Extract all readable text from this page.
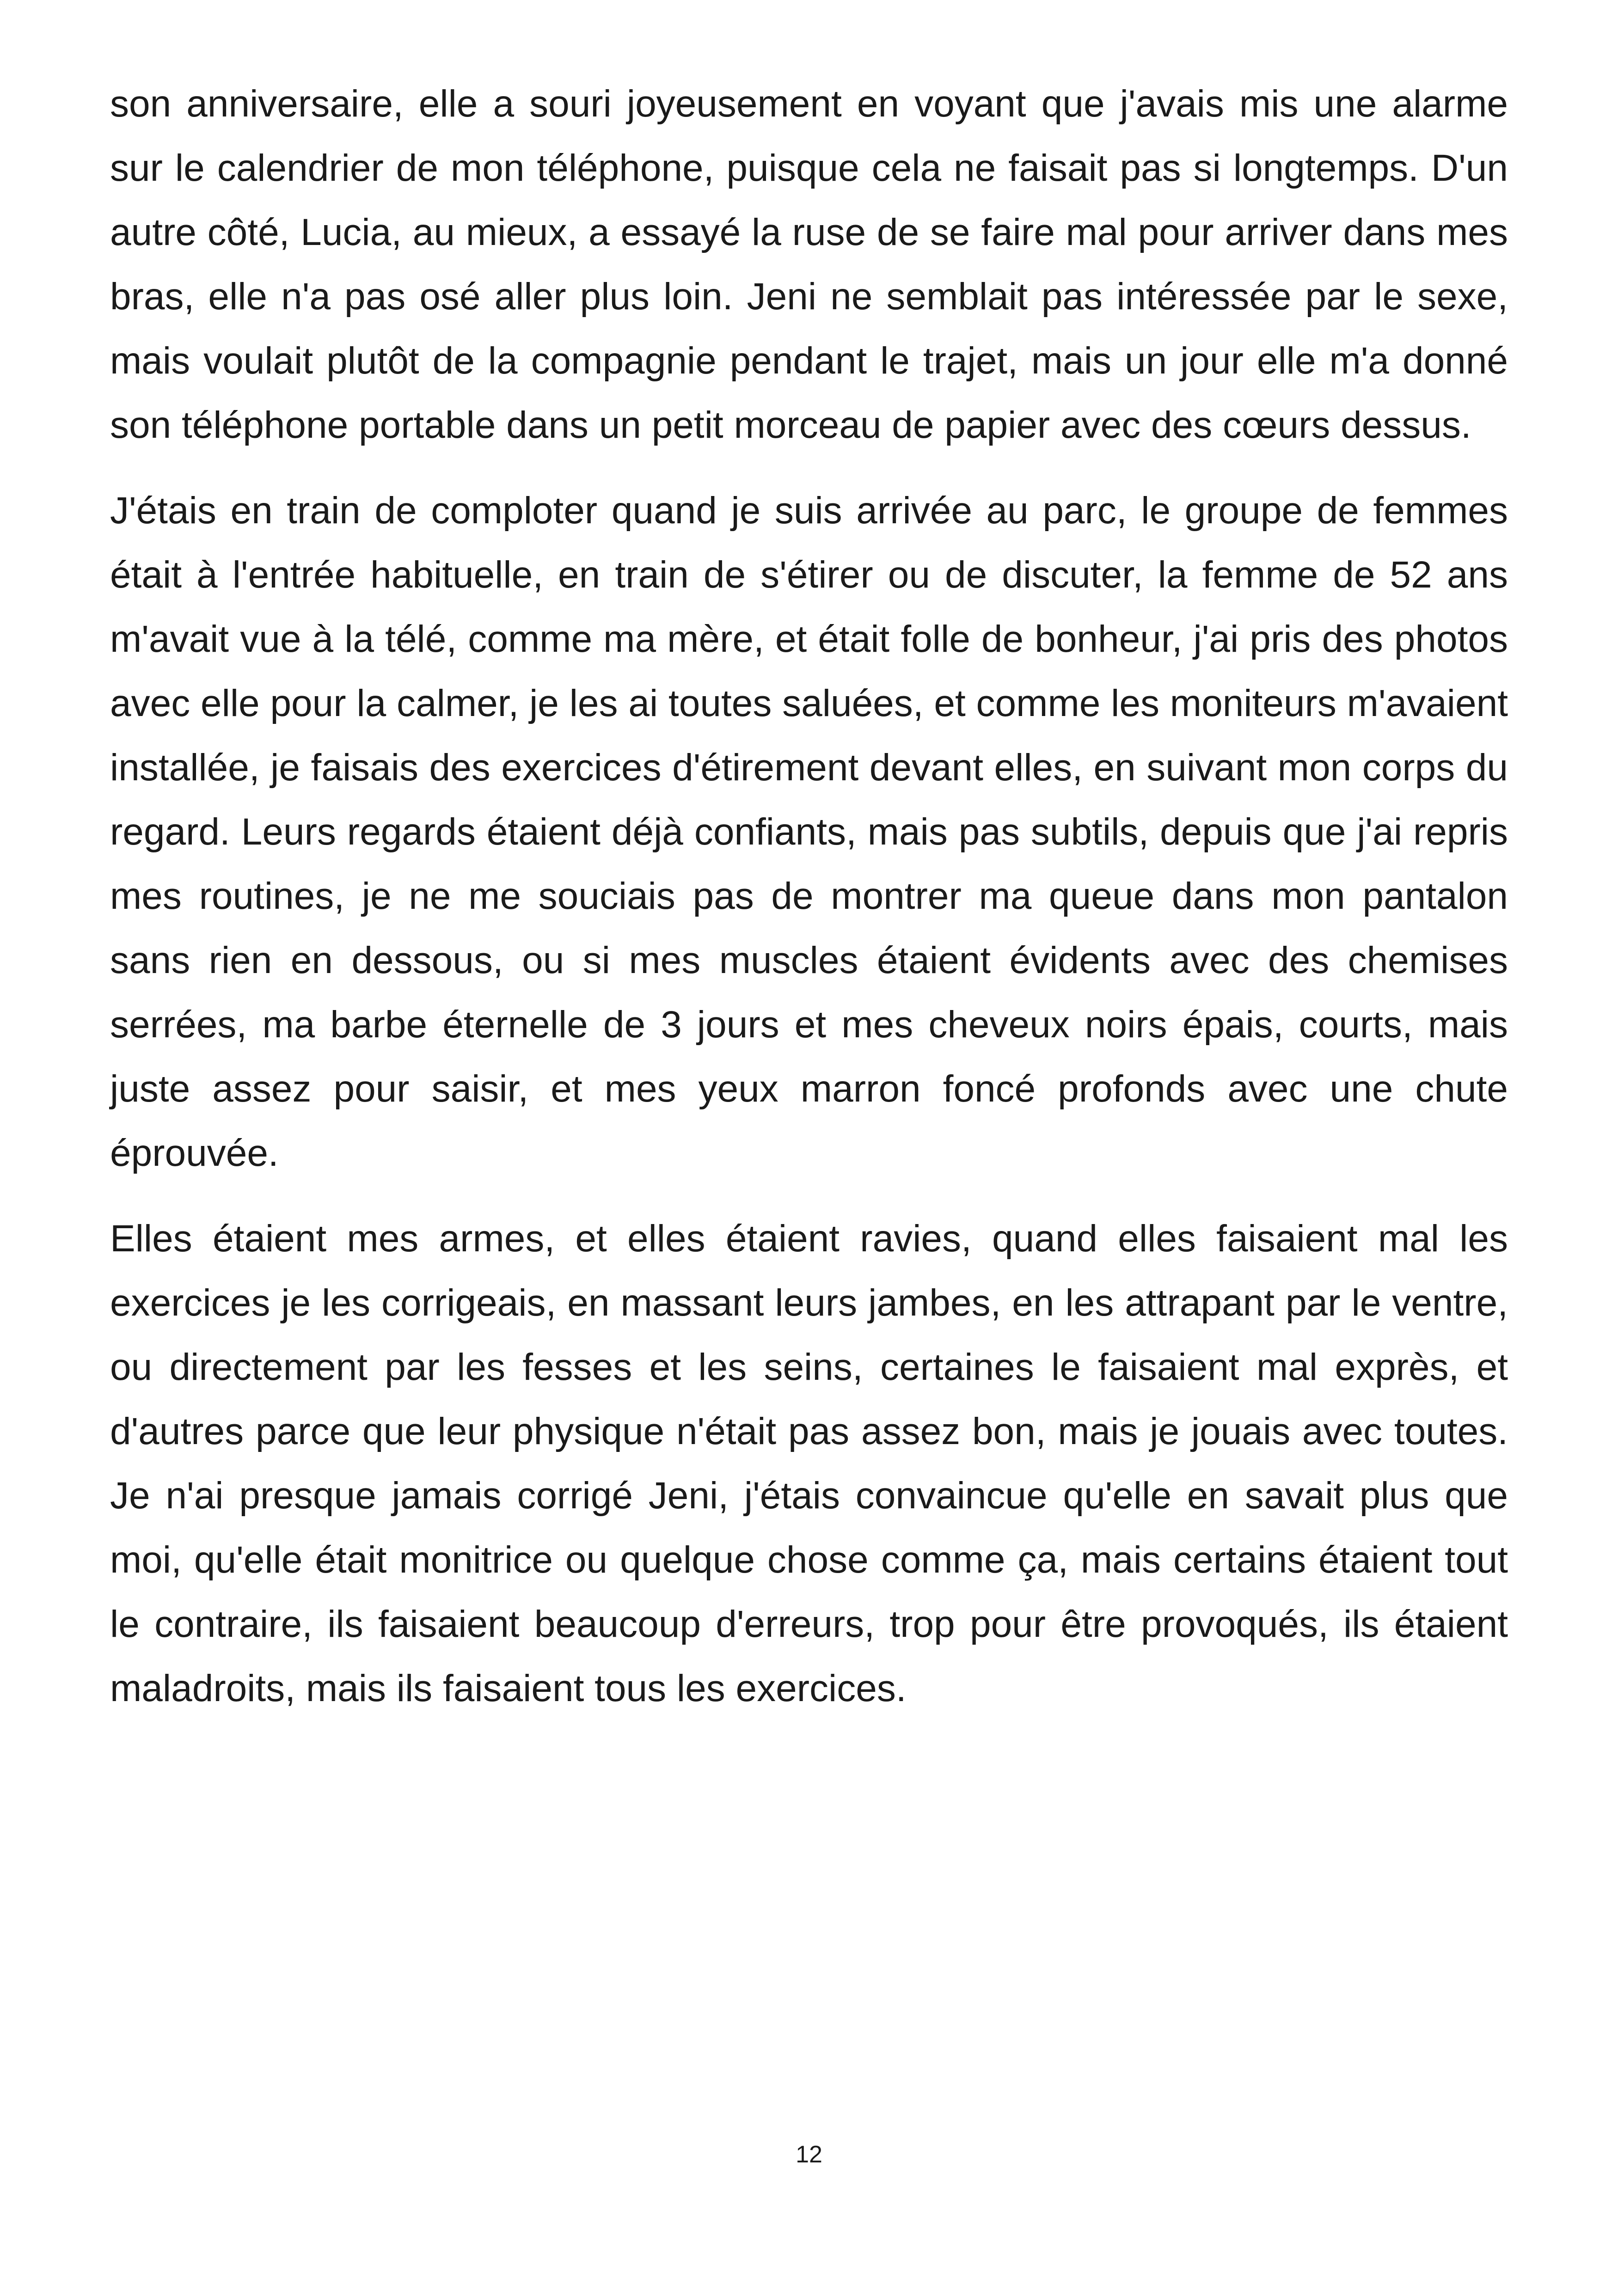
son anniversaire, elle a souri joyeusement en voyant que j'avais mis une alarme sur le calendrier de mon téléphone, puisque cela ne faisait pas si longtemps. D'un autre côté, Lucia, au mieux, a essayé la ruse de se faire mal pour arriver dans mes bras, elle n'a pas osé aller plus loin. Jeni ne semblait pas intéressée par le sexe, mais voulait plutôt de la compagnie pendant le trajet, mais un jour elle m'a donné son téléphone portable dans un petit morceau de papier avec des cœurs dessus.

J'étais en train de comploter quand je suis arrivée au parc, le groupe de femmes était à l'entrée habituelle, en train de s'étirer ou de discuter, la femme de 52 ans m'avait vue à la télé, comme ma mère, et était folle de bonheur, j'ai pris des photos avec elle pour la calmer, je les ai toutes saluées, et comme les moniteurs m'avaient installée, je faisais des exercices d'étirement devant elles, en suivant mon corps du regard. Leurs regards étaient déjà confiants, mais pas subtils, depuis que j'ai repris mes routines, je ne me souciais pas de montrer ma queue dans mon pantalon sans rien en dessous, ou si mes muscles étaient évidents avec des chemises serrées, ma barbe éternelle de 3 jours et mes cheveux noirs épais, courts, mais juste assez pour saisir, et mes yeux marron foncé profonds avec une chute éprouvée.

Elles étaient mes armes, et elles étaient ravies, quand elles faisaient mal les exercices je les corrigeais, en massant leurs jambes, en les attrapant par le ventre, ou directement par les fesses et les seins, certaines le faisaient mal exprès, et d'autres parce que leur physique n'était pas assez bon, mais je jouais avec toutes. Je n'ai presque jamais corrigé Jeni, j'étais convaincue qu'elle en savait plus que moi, qu'elle était monitrice ou quelque chose comme ça, mais certains étaient tout le contraire, ils faisaient beaucoup d'erreurs, trop pour être provoqués, ils étaient maladroits, mais ils faisaient tous les exercices.

12
